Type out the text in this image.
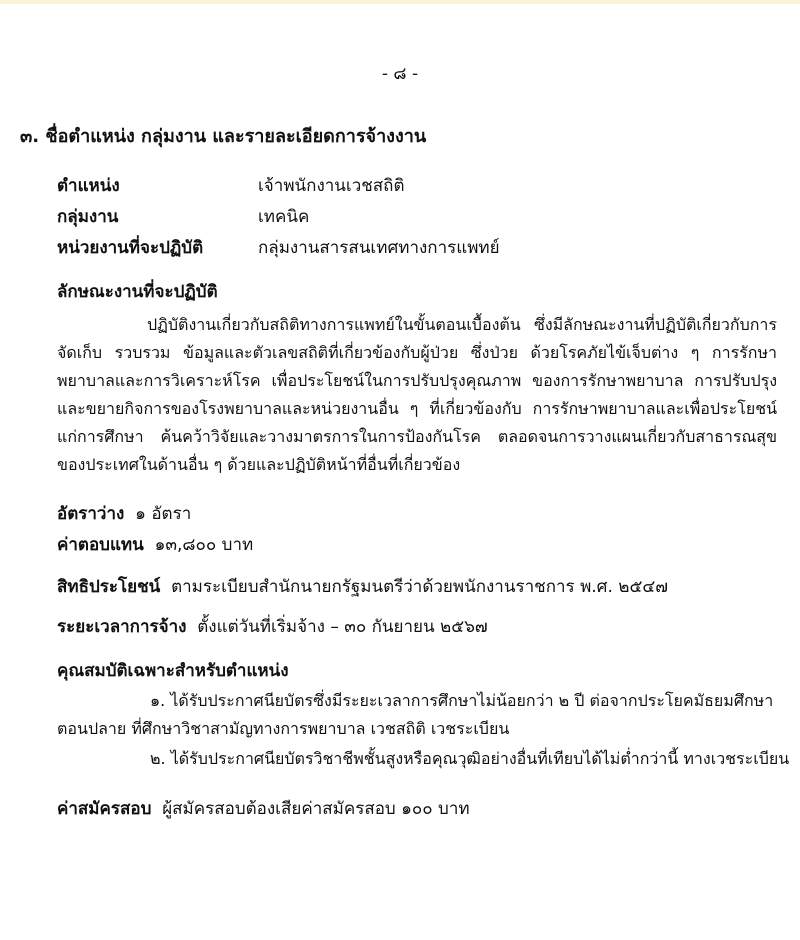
- ๘ -
๓. ชื่อตำแหน่ง กลุ่มงาน และรายละเอียดการจ้างงาน
ตำแหน่ง	เจ้าพนักงานเวชสถิติ
กลุ่มงาน	เทคนิค
หน่วยงานที่จะปฏิบัติ	กลุ่มงานสารสนเทศทางการแพทย์
ลักษณะงานที่จะปฏิบัติ
ปฏิบัติงานเกี่ยวกับสถิติทางการแพทย์ในขั้นตอนเบื้องต้น ซึ่งมีลักษณะงานที่ปฏิบัติเกี่ยวกับการจัดเก็บ รวบรวม ข้อมูลและตัวเลขสถิติที่เกี่ยวข้องกับผู้ป่วย ซึ่งป่วย ด้วยโรคภัยไข้เจ็บต่าง ๆ การรักษาพยาบาลและการวิเคราะห์โรค เพื่อประโยชน์ในการปรับปรุงคุณภาพ ของการรักษาพยาบาล การปรับปรุงและขยายกิจการของโรงพยาบาลและหน่วยงานอื่น ๆ ที่เกี่ยวข้องกับ การรักษาพยาบาลและเพื่อประโยชน์แก่การศึกษา ค้นคว้าวิจัยและวางมาตรการในการป้องกันโรค ตลอดจนการวางแผนเกี่ยวกับสาธารณสุขของประเทศในด้านอื่น ๆ ด้วยและปฏิบัติหน้าที่อื่นที่เกี่ยวข้อง
อัตราว่าง ๑ อัตรา
ค่าตอบแทน ๑๓,๘๐๐ บาท
สิทธิประโยชน์ ตามระเบียบสำนักนายกรัฐมนตรีว่าด้วยพนักงานราชการ พ.ศ. ๒๕๔๗
ระยะเวลาการจ้าง ตั้งแต่วันที่เริ่มจ้าง – ๓๐ กันยายน ๒๕๖๗
คุณสมบัติเฉพาะสำหรับตำแหน่ง
๑. ได้รับประกาศนียบัตรซึ่งมีระยะเวลาการศึกษาไม่น้อยกว่า ๒ ปี ต่อจากประโยคมัธยมศึกษา
ตอนปลาย ที่ศึกษาวิชาสามัญทางการพยาบาล เวชสถิติ เวชระเบียน
๒. ได้รับประกาศนียบัตรวิชาชีพชั้นสูงหรือคุณวุฒิอย่างอื่นที่เทียบได้ไม่ต่ำกว่านี้ ทางเวชระเบียน
ค่าสมัครสอบ ผู้สมัครสอบต้องเสียค่าสมัครสอบ ๑๐๐ บาท
